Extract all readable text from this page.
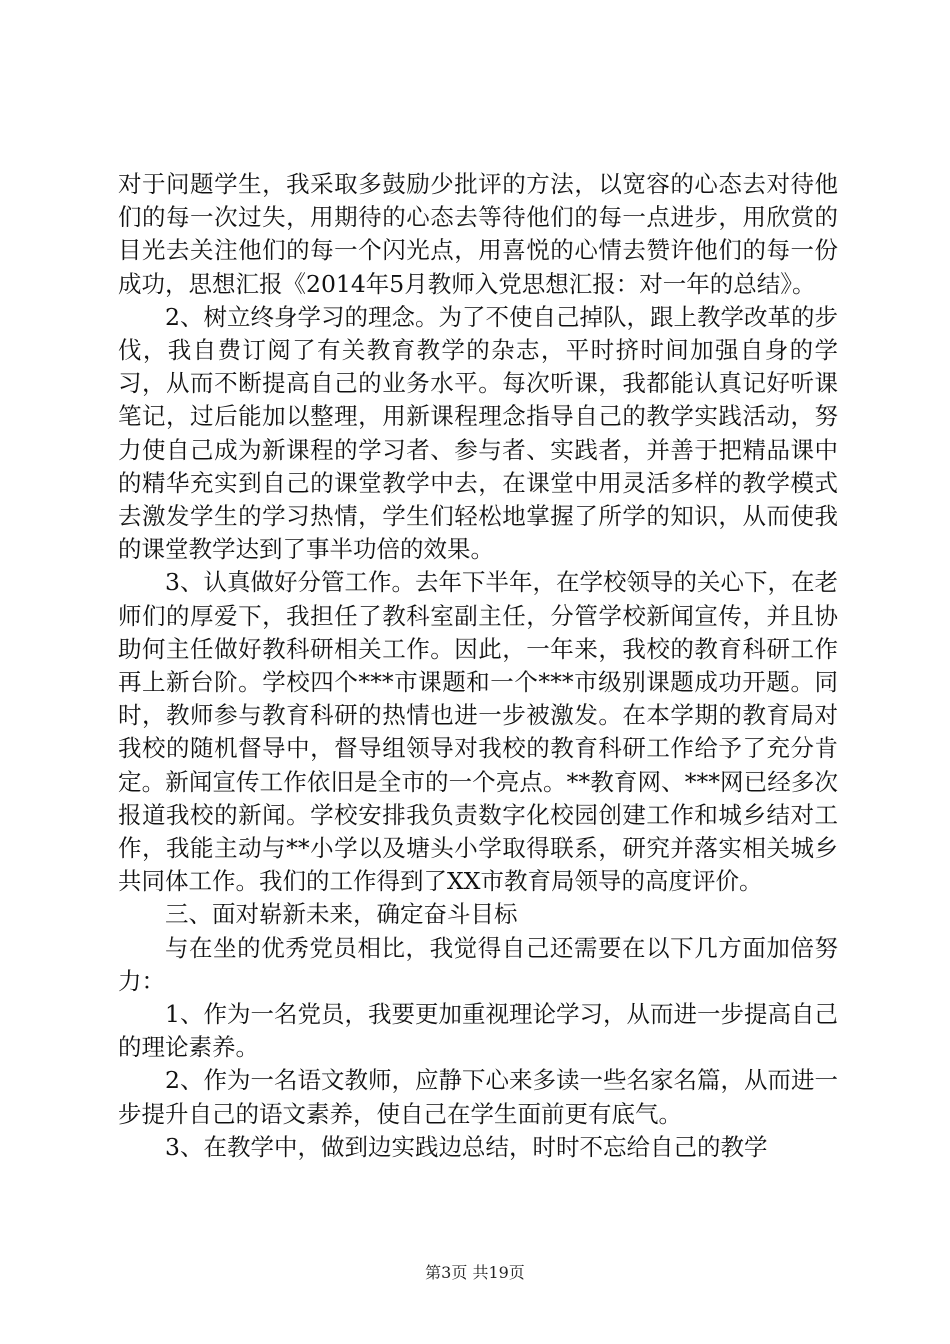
对于问题学生，我采取多鼓励少批评的方法，以宽容的心态去对待他们的每一次过失，用期待的心态去等待他们的每一点进步，用欣赏的目光去关注他们的每一个闪光点，用喜悦的心情去赞许他们的每一份成功，思想汇报《2014年5月教师入党思想汇报：对一年的总结》。

2、树立终身学习的理念。为了不使自己掉队，跟上教学改革的步伐，我自费订阅了有关教育教学的杂志，平时挤时间加强自身的学习，从而不断提高自己的业务水平。每次听课，我都能认真记好听课笔记，过后能加以整理，用新课程理念指导自己的教学实践活动，努力使自己成为新课程的学习者、参与者、实践者，并善于把精品课中的精华充实到自己的课堂教学中去，在课堂中用灵活多样的教学模式去激发学生的学习热情，学生们轻松地掌握了所学的知识，从而使我的课堂教学达到了事半功倍的效果。

3、认真做好分管工作。去年下半年，在学校领导的关心下，在老师们的厚爱下，我担任了教科室副主任，分管学校新闻宣传，并且协助何主任做好教科研相关工作。因此，一年来，我校的教育科研工作再上新台阶。学校四个***市课题和一个***市级别课题成功开题。同时，教师参与教育科研的热情也进一步被激发。在本学期的教育局对我校的随机督导中，督导组领导对我校的教育科研工作给予了充分肯定。新闻宣传工作依旧是全市的一个亮点。**教育网、***网已经多次报道我校的新闻。学校安排我负责数字化校园创建工作和城乡结对工作，我能主动与**小学以及塘头小学取得联系，研究并落实相关城乡共同体工作。我们的工作得到了XX市教育局领导的高度评价。

三、面对崭新未来，确定奋斗目标

与在坐的优秀党员相比，我觉得自己还需要在以下几方面加倍努力：

1、作为一名党员，我要更加重视理论学习，从而进一步提高自己的理论素养。

2、作为一名语文教师，应静下心来多读一些名家名篇，从而进一步提升自己的语文素养，使自己在学生面前更有底气。

3、在教学中，做到边实践边总结，时时不忘给自己的教学

第3页 共19页
